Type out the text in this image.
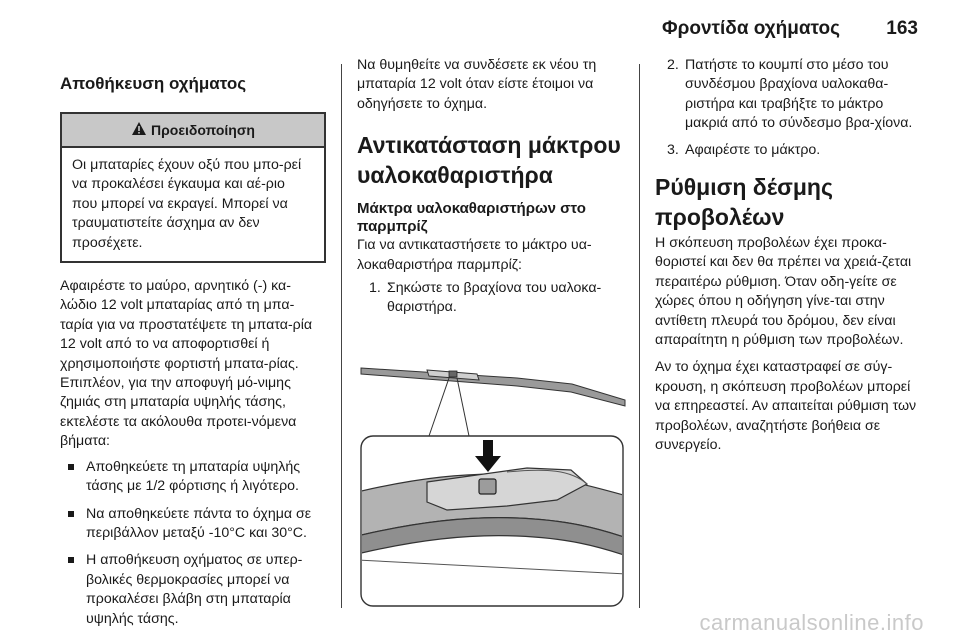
Φροντίδα οχήματος 163
Αποθήκευση οχήματος
Προειδοποίηση
Οι μπαταρίες έχουν οξύ που μπο-ρεί να προκαλέσει έγκαυμα και αέ-ριο που μπορεί να εκραγεί. Μπορεί να τραυματιστείτε άσχημα αν δεν προσέχετε.

Αφαιρέστε το μαύρο, αρνητικό (-) κα-λώδιο 12 volt μπαταρίας από τη μπα-ταρία για να προστατέψετε τη μπατα-ρία 12 volt από το να αποφορτισθεί ή χρησιμοποιήστε φορτιστή μπατα-ρίας. Επιπλέον, για την αποφυγή μό-νιμης ζημιάς στη μπαταρία υψηλής τάσης, εκτελέστε τα ακόλουθα προτει-νόμενα βήματα:

Αποθηκεύετε τη μπαταρία υψηλής τάσης με 1/2 φόρτισης ή λιγότερο.
Να αποθηκεύετε πάντα το όχημα σε περιβάλλον μεταξύ -10°C και 30°C.
Η αποθήκευση οχήματος σε υπερ-βολικές θερμοκρασίες μπορεί να προκαλέσει βλάβη στη μπαταρία υψηλής τάσης.

Να θυμηθείτε να συνδέσετε εκ νέου τη μπαταρία 12 volt όταν είστε έτοιμοι να οδηγήσετε το όχημα.

Αντικατάσταση μάκτρου υαλοκαθαριστήρα
Μάκτρα υαλοκαθαριστήρων στο παρμπρίζ

Για να αντικαταστήσετε το μάκτρο υα-λοκαθαριστήρα παρμπρίζ:

1. Σηκώστε το βραχίονα του υαλοκα-θαριστήρα.
2. Πατήστε το κουμπί στο μέσο του συνδέσμου βραχίονα υαλοκαθα-ριστήρα και τραβήξτε το μάκτρο μακριά από το σύνδεσμο βρα-χίονα.
3. Αφαιρέστε το μάκτρο.
Ρύθμιση δέσμης προβολέων

Η σκόπευση προβολέων έχει προκα-θοριστεί και δεν θα πρέπει να χρειά-ζεται περαιτέρω ρύθμιση. Όταν οδη-γείτε σε χώρες όπου η οδήγηση γίνε-ται στην αντίθετη πλευρά του δρόμου, δεν είναι απαραίτητη η ρύθμιση των προβολέων.

Αν το όχημα έχει καταστραφεί σε σύγ-κρουση, η σκόπευση προβολέων μπορεί να επηρεαστεί. Αν απαιτείται ρύθμιση των προβολέων, αναζητήστε βοήθεια σε συνεργείο.

carmanualsonline.info
